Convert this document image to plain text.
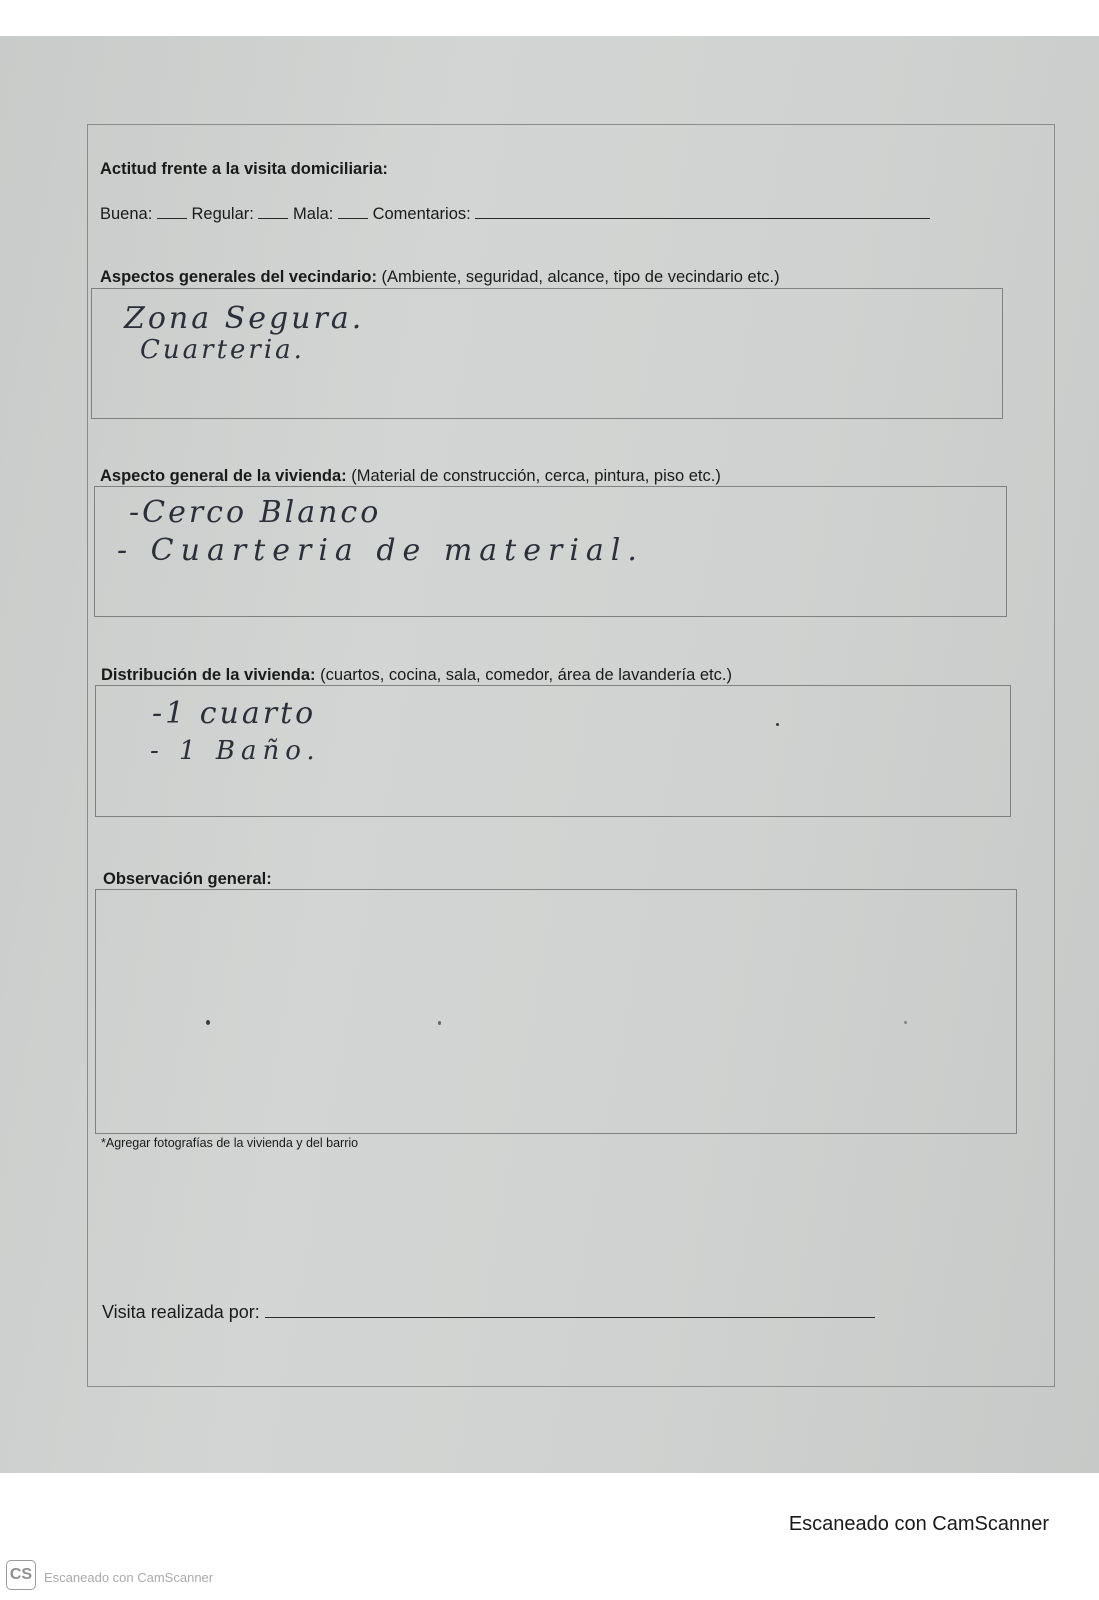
Actitud frente a la visita domiciliaria:
Buena: Regular: Mala: Comentarios:
Aspectos generales del vecindario: (Ambiente, seguridad, alcance, tipo de vecindario etc.)
Zona Segura.
Cuarteria.
Aspecto general de la vivienda: (Material de construcción, cerca, pintura, piso etc.)
-Cerco Blanco
- Cuarteria de material.
Distribución de la vivienda: (cuartos, cocina, sala, comedor, área de lavandería etc.)
-1 cuarto
- 1 Baño.
Observación general:
*Agregar fotografías de la vivienda y del barrio
Visita realizada por:
Escaneado con CamScanner
CS Escaneado con CamScanner
